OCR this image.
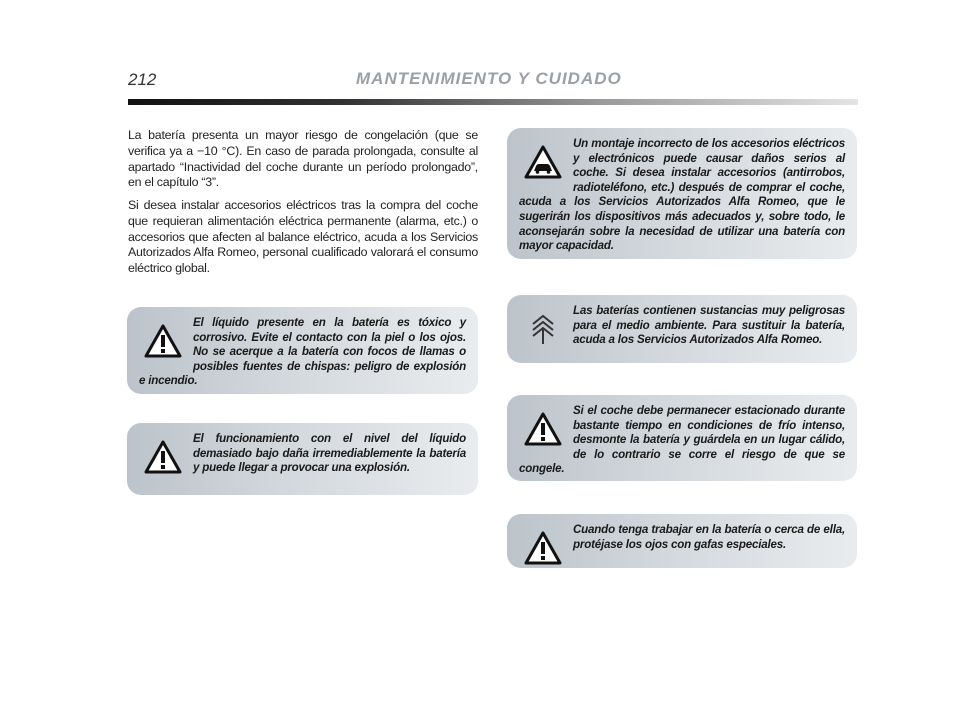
212	MANTENIMIENTO Y CUIDADO

La batería presenta un mayor riesgo de congelación (que se verifica ya a −10 °C). En caso de parada prolongada, consulte al apartado “Inactividad del coche durante un período prolongado”, en el capítulo “3”.

Si desea instalar accesorios eléctricos tras la compra del coche que requieran alimentación eléctrica permanente (alarma, etc.) o accesorios que afecten al balance eléctrico, acuda a los Servicios Autorizados Alfa Romeo, personal cualificado valorará el consumo eléctrico global.

El líquido presente en la batería es tóxico y corrosivo. Evite el contacto con la piel o los ojos. No se acerque a la batería con focos de llamas o posibles fuentes de chispas: peligro de explosión e incendio.
El funcionamiento con el nivel del líquido demasiado bajo daña irremediablemente la batería y puede llegar a provocar una explosión.
Un montaje incorrecto de los accesorios eléctricos y electrónicos puede causar daños serios al coche. Si desea instalar accesorios (antirrobos, radioteléfono, etc.) después de comprar el coche, acuda a los Servicios Autorizados Alfa Romeo, que le sugerirán los dispositivos más adecuados y, sobre todo, le aconsejarán sobre la necesidad de utilizar una batería con mayor capacidad.
Las baterías contienen sustancias muy peligrosas para el medio ambiente. Para sustituir la batería, acuda a los Servicios Autorizados Alfa Romeo.
Si el coche debe permanecer estacionado durante bastante tiempo en condiciones de frío intenso, desmonte la batería y guárdela en un lugar cálido, de lo contrario se corre el riesgo de que se congele.
Cuando tenga trabajar en la batería o cerca de ella, protéjase los ojos con gafas especiales.
